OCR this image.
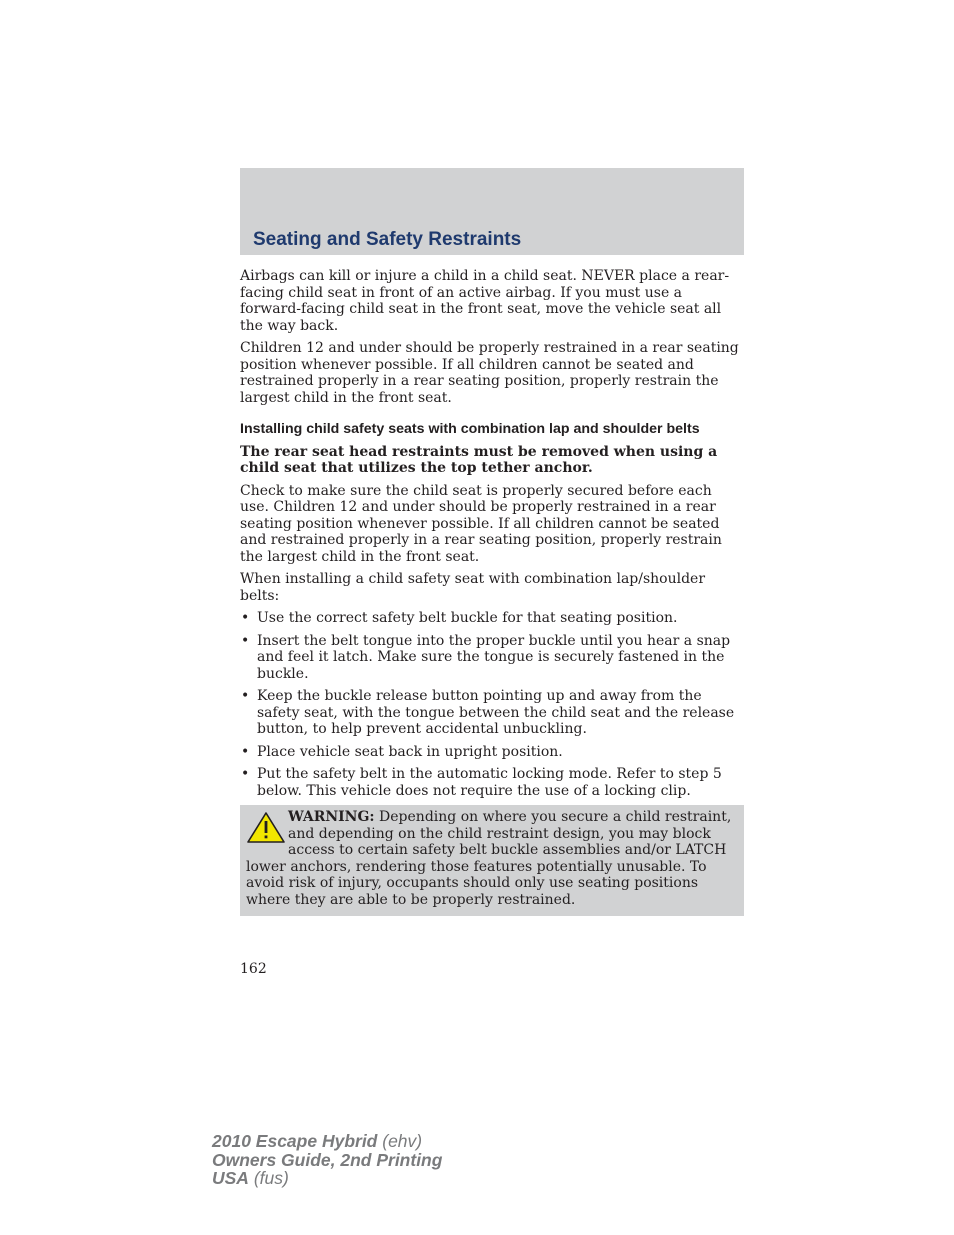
Seating and Safety Restraints

Airbags can kill or injure a child in a child seat. NEVER place a rear-facing child seat in front of an active airbag. If you must use a forward-facing child seat in the front seat, move the vehicle seat all the way back.

Children 12 and under should be properly restrained in a rear seating position whenever possible. If all children cannot be seated and restrained properly in a rear seating position, properly restrain the largest child in the front seat.

Installing child safety seats with combination lap and shoulder belts

The rear seat head restraints must be removed when using a child seat that utilizes the top tether anchor.

Check to make sure the child seat is properly secured before each use. Children 12 and under should be properly restrained in a rear seating position whenever possible. If all children cannot be seated and restrained properly in a rear seating position, properly restrain the largest child in the front seat.

When installing a child safety seat with combination lap/shoulder belts:

• Use the correct safety belt buckle for that seating position.
• Insert the belt tongue into the proper buckle until you hear a snap and feel it latch. Make sure the tongue is securely fastened in the buckle.
• Keep the buckle release button pointing up and away from the safety seat, with the tongue between the child seat and the release button, to help prevent accidental unbuckling.
• Place vehicle seat back in upright position.
• Put the safety belt in the automatic locking mode. Refer to step 5 below. This vehicle does not require the use of a locking clip.
WARNING: Depending on where you secure a child restraint, and depending on the child restraint design, you may block access to certain safety belt buckle assemblies and/or LATCH lower anchors, rendering those features potentially unusable. To avoid risk of injury, occupants should only use seating positions where they are able to be properly restrained.
162
2010 Escape Hybrid (ehv)
Owners Guide, 2nd Printing
USA (fus)
